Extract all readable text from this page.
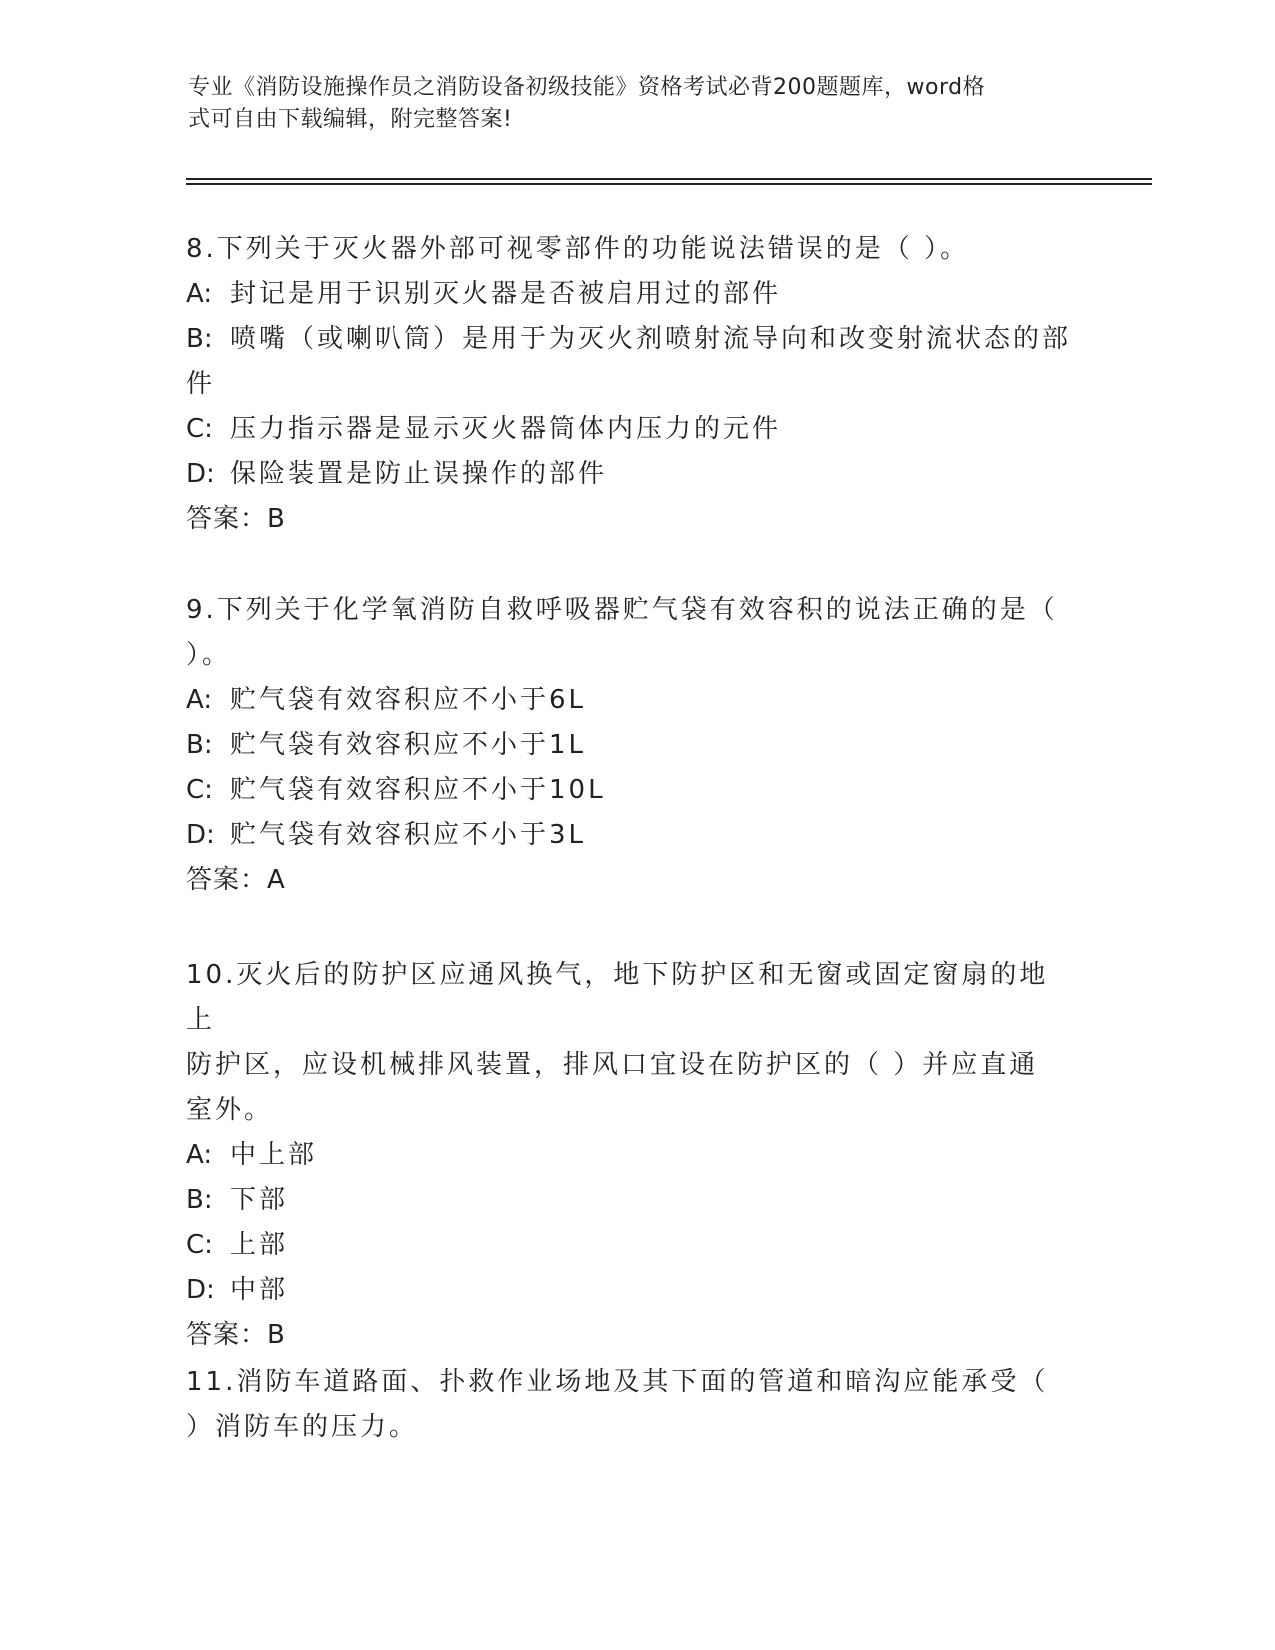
专业《消防设施操作员之消防设备初级技能》资格考试必背200题题库，word格
式可自由下载编辑，附完整答案!
8.下列关于灭火器外部可视零部件的功能说法错误的是（ ）。
A: 封记是用于识别灭火器是否被启用过的部件
B: 喷嘴（或喇叭筒）是用于为灭火剂喷射流导向和改变射流状态的部
件
C: 压力指示器是显示灭火器筒体内压力的元件
D: 保险装置是防止误操作的部件
答案：B
9.下列关于化学氧消防自救呼吸器贮气袋有效容积的说法正确的是（
）。
A: 贮气袋有效容积应不小于6L
B: 贮气袋有效容积应不小于1L
C: 贮气袋有效容积应不小于10L
D: 贮气袋有效容积应不小于3L
答案：A
10.灭火后的防护区应通风换气，地下防护区和无窗或固定窗扇的地上
防护区，应设机械排风装置，排风口宜设在防护区的（ ）并应直通
室外。
A: 中上部
B: 下部
C: 上部
D: 中部
答案：B
11.消防车道路面、扑救作业场地及其下面的管道和暗沟应能承受（
）消防车的压力。
